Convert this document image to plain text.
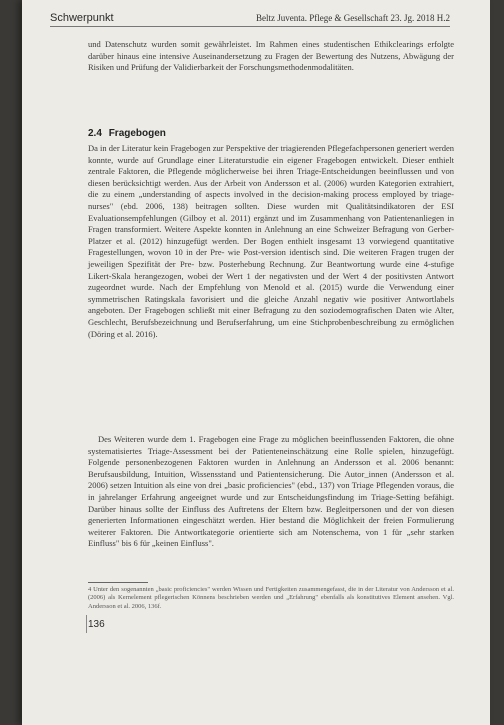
Schwerpunkt	Beltz Juventa. Pflege & Gesellschaft 23. Jg. 2018 H.2

und Datenschutz wurden somit gewährleistet. Im Rahmen eines studentischen Ethikclearings erfolgte darüber hinaus eine intensive Auseinandersetzung zu Fragen der Bewertung des Nutzens, Abwägung der Risiken und Prüfung der Validierbarkeit der Forschungsmethodenmodalitäten.

2.4 Fragebogen

Da in der Literatur kein Fragebogen zur Perspektive der triagierenden Pflegefachpersonen generiert werden konnte, wurde auf Grundlage einer Literaturstudie ein eigener Fragebogen entwickelt. Dieser enthielt zentrale Faktoren, die Pflegende möglicherweise bei ihren Triage-Entscheidungen beeinflussen und von diesen berücksichtigt werden. Aus der Arbeit von Andersson et al. (2006) wurden Kategorien extrahiert, die zu einem „understanding of aspects involved in the decision-making process employed by triage-nurses" (ebd. 2006, 138) beitragen sollten. Diese wurden mit Qualitätsindikatoren der ESI Evaluationsempfehlungen (Gilboy et al. 2011) ergänzt und im Zusammenhang von Patientenanliegen in Fragen transformiert. Weitere Aspekte konnten in Anlehnung an eine Schweizer Befragung von Gerber-Platzer et al. (2012) hinzugefügt werden. Der Bogen enthielt insgesamt 13 vorwiegend quantitative Fragestellungen, wovon 10 in der Pre- wie Post-version identisch sind. Die weiteren Fragen trugen der jeweiligen Spezifität der Pre- bzw. Posterhebung Rechnung. Zur Beantwortung wurde eine 4-stufige Likert-Skala herangezogen, wobei der Wert 1 der negativsten und der Wert 4 der positivsten Antwort zugeordnet wurde. Nach der Empfehlung von Menold et al. (2015) wurde die Verwendung einer symmetrischen Ratingskala favorisiert und die gleiche Anzahl negativ wie positiver Antwortlabels angeboten. Der Fragebogen schließt mit einer Befragung zu den soziodemografischen Daten wie Alter, Geschlecht, Berufsbezeichnung und Berufserfahrung, um eine Stichprobenbeschreibung zu ermöglichen (Döring et al. 2016).

Des Weiteren wurde dem 1. Fragebogen eine Frage zu möglichen beeinflussenden Faktoren, die ohne systematisiertes Triage-Assessment bei der Patienteneinschätzung eine Rolle spielen, hinzugefügt. Folgende personenbezogenen Faktoren wurden in Anlehnung an Andersson et al. 2006 benannt: Berufsausbildung, Intuition, Wissensstand und Patientensicherung. Die Autor_innen (Andersson et al. 2006) setzen Intuition als eine von drei „basic proficiencies" (ebd., 137) von Triage Pflegenden voraus, die in jahrelanger Erfahrung angeeignet wurde und zur Entscheidungsfindung im Triage-Setting befähigt. Darüber hinaus sollte der Einfluss des Auftretens der Eltern bzw. Begleitpersonen und der von diesen generierten Informationen eingeschätzt werden. Hier bestand die Möglichkeit der freien Formulierung weiterer Faktoren. Die Antwortkategorie orientierte sich am Notenschema, von 1 für „sehr starken Einfluss" bis 6 für „keinen Einfluss".

4 Unter den sogenannten „basic proficiencies" werden Wissen und Fertigkeiten zusammengefasst, die in der Literatur von Andersson et al. (2006) als Kernelement pflegerischen Könnens beschrieben werden und „Erfahrung" ebenfalls als konstitutives Element ansehen. Vgl. Andersson et al. 2006, 136f.

136
